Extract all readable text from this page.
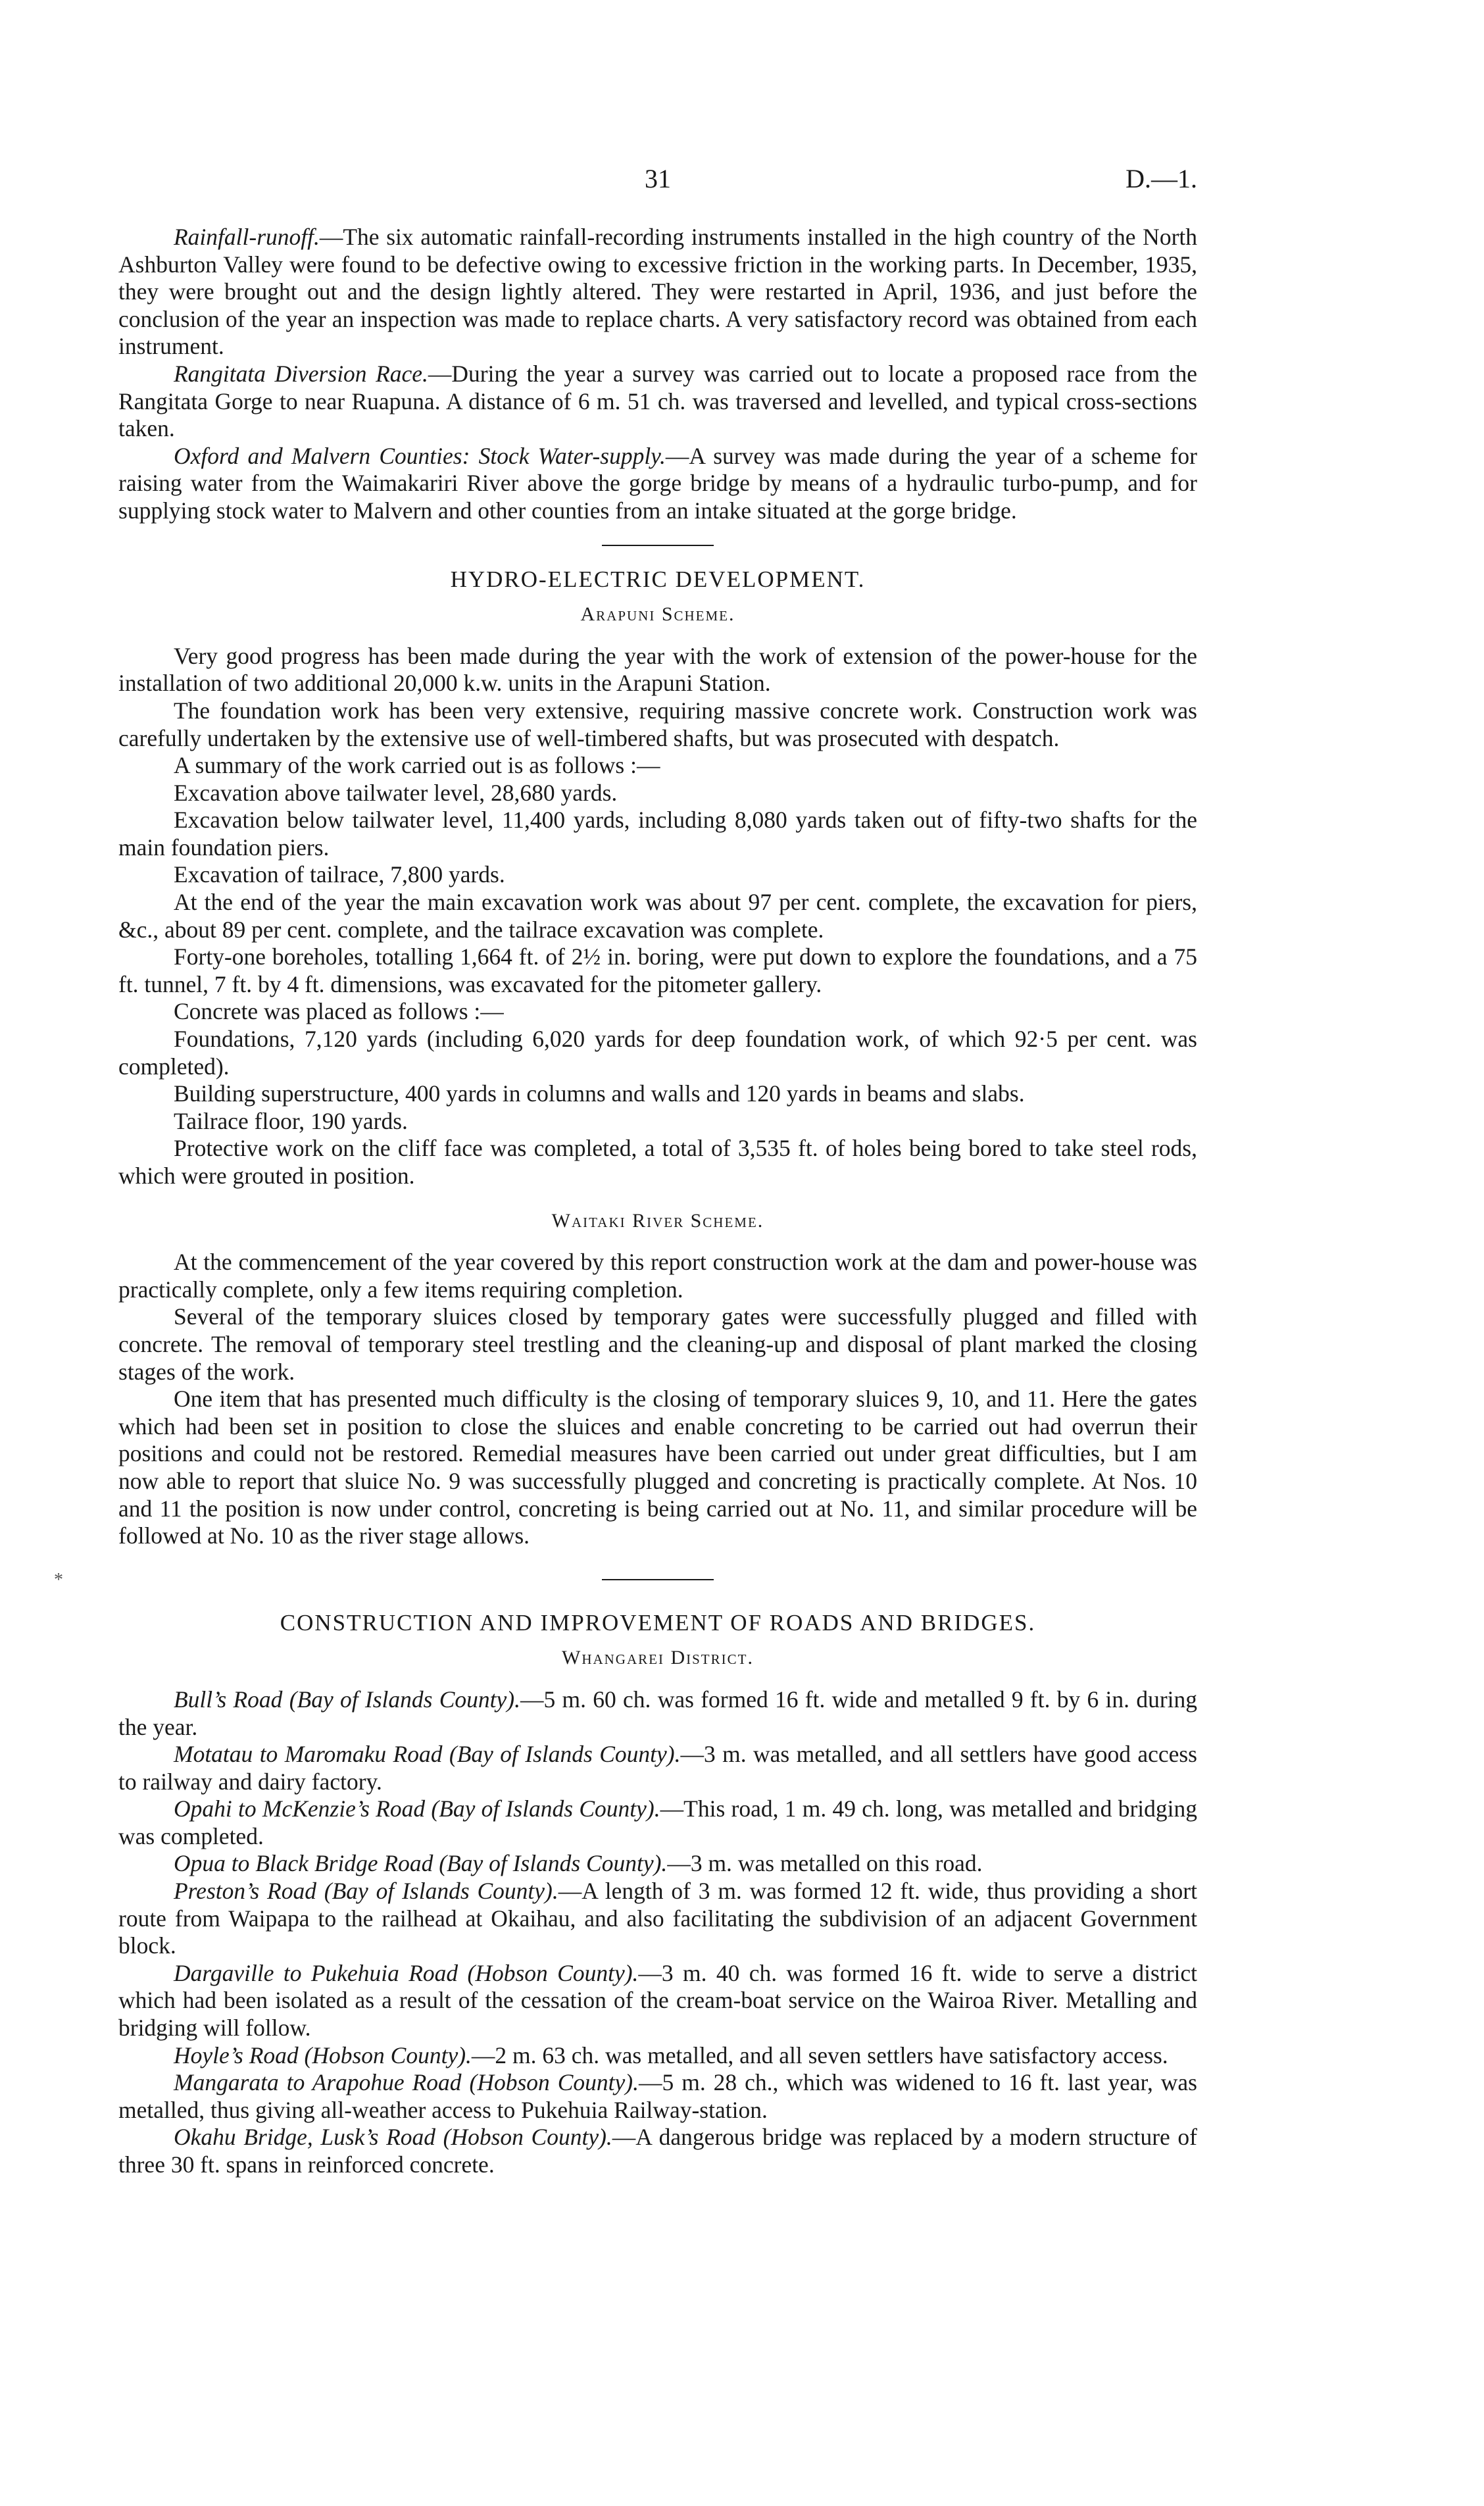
31	D.—1.
*

Rainfall-runoff.—The six automatic rainfall-recording instruments installed in the high country of the North Ashburton Valley were found to be defective owing to excessive friction in the working parts. In December, 1935, they were brought out and the design lightly altered. They were restarted in April, 1936, and just before the conclusion of the year an inspection was made to replace charts. A very satisfactory record was obtained from each instrument.

Rangitata Diversion Race.—During the year a survey was carried out to locate a proposed race from the Rangitata Gorge to near Ruapuna. A distance of 6 m. 51 ch. was traversed and levelled, and typical cross-sections taken.

Oxford and Malvern Counties: Stock Water-supply.—A survey was made during the year of a scheme for raising water from the Waimakariri River above the gorge bridge by means of a hydraulic turbo-pump, and for supplying stock water to Malvern and other counties from an intake situated at the gorge bridge.

HYDRO-ELECTRIC DEVELOPMENT.
Arapuni Scheme.

Very good progress has been made during the year with the work of extension of the power-house for the installation of two additional 20,000 k.w. units in the Arapuni Station.

The foundation work has been very extensive, requiring massive concrete work. Construction work was carefully undertaken by the extensive use of well-timbered shafts, but was prosecuted with despatch.

A summary of the work carried out is as follows :—

Excavation above tailwater level, 28,680 yards.

Excavation below tailwater level, 11,400 yards, including 8,080 yards taken out of fifty-two shafts for the main foundation piers.

Excavation of tailrace, 7,800 yards.

At the end of the year the main excavation work was about 97 per cent. complete, the excavation for piers, &c., about 89 per cent. complete, and the tailrace excavation was complete.

Forty-one boreholes, totalling 1,664 ft. of 2½ in. boring, were put down to explore the foundations, and a 75 ft. tunnel, 7 ft. by 4 ft. dimensions, was excavated for the pitometer gallery.

Concrete was placed as follows :—

Foundations, 7,120 yards (including 6,020 yards for deep foundation work, of which 92·5 per cent. was completed).

Building superstructure, 400 yards in columns and walls and 120 yards in beams and slabs.

Tailrace floor, 190 yards.

Protective work on the cliff face was completed, a total of 3,535 ft. of holes being bored to take steel rods, which were grouted in position.

Waitaki River Scheme.

At the commencement of the year covered by this report construction work at the dam and power-house was practically complete, only a few items requiring completion.

Several of the temporary sluices closed by temporary gates were successfully plugged and filled with concrete. The removal of temporary steel trestling and the cleaning-up and disposal of plant marked the closing stages of the work.

One item that has presented much difficulty is the closing of temporary sluices 9, 10, and 11. Here the gates which had been set in position to close the sluices and enable concreting to be carried out had overrun their positions and could not be restored. Remedial measures have been carried out under great difficulties, but I am now able to report that sluice No. 9 was successfully plugged and concreting is practically complete. At Nos. 10 and 11 the position is now under control, concreting is being carried out at No. 11, and similar procedure will be followed at No. 10 as the river stage allows.

CONSTRUCTION AND IMPROVEMENT OF ROADS AND BRIDGES.
Whangarei District.

Bull’s Road (Bay of Islands County).—5 m. 60 ch. was formed 16 ft. wide and metalled 9 ft. by 6 in. during the year.

Motatau to Maromaku Road (Bay of Islands County).—3 m. was metalled, and all settlers have good access to railway and dairy factory.

Opahi to McKenzie’s Road (Bay of Islands County).—This road, 1 m. 49 ch. long, was metalled and bridging was completed.

Opua to Black Bridge Road (Bay of Islands County).—3 m. was metalled on this road.

Preston’s Road (Bay of Islands County).—A length of 3 m. was formed 12 ft. wide, thus providing a short route from Waipapa to the railhead at Okaihau, and also facilitating the subdivision of an adjacent Government block.

Dargaville to Pukehuia Road (Hobson County).—3 m. 40 ch. was formed 16 ft. wide to serve a district which had been isolated as a result of the cessation of the cream-boat service on the Wairoa River. Metalling and bridging will follow.

Hoyle’s Road (Hobson County).—2 m. 63 ch. was metalled, and all seven settlers have satisfactory access.

Mangarata to Arapohue Road (Hobson County).—5 m. 28 ch., which was widened to 16 ft. last year, was metalled, thus giving all-weather access to Pukehuia Railway-station.

Okahu Bridge, Lusk’s Road (Hobson County).—A dangerous bridge was replaced by a modern structure of three 30 ft. spans in reinforced concrete.
